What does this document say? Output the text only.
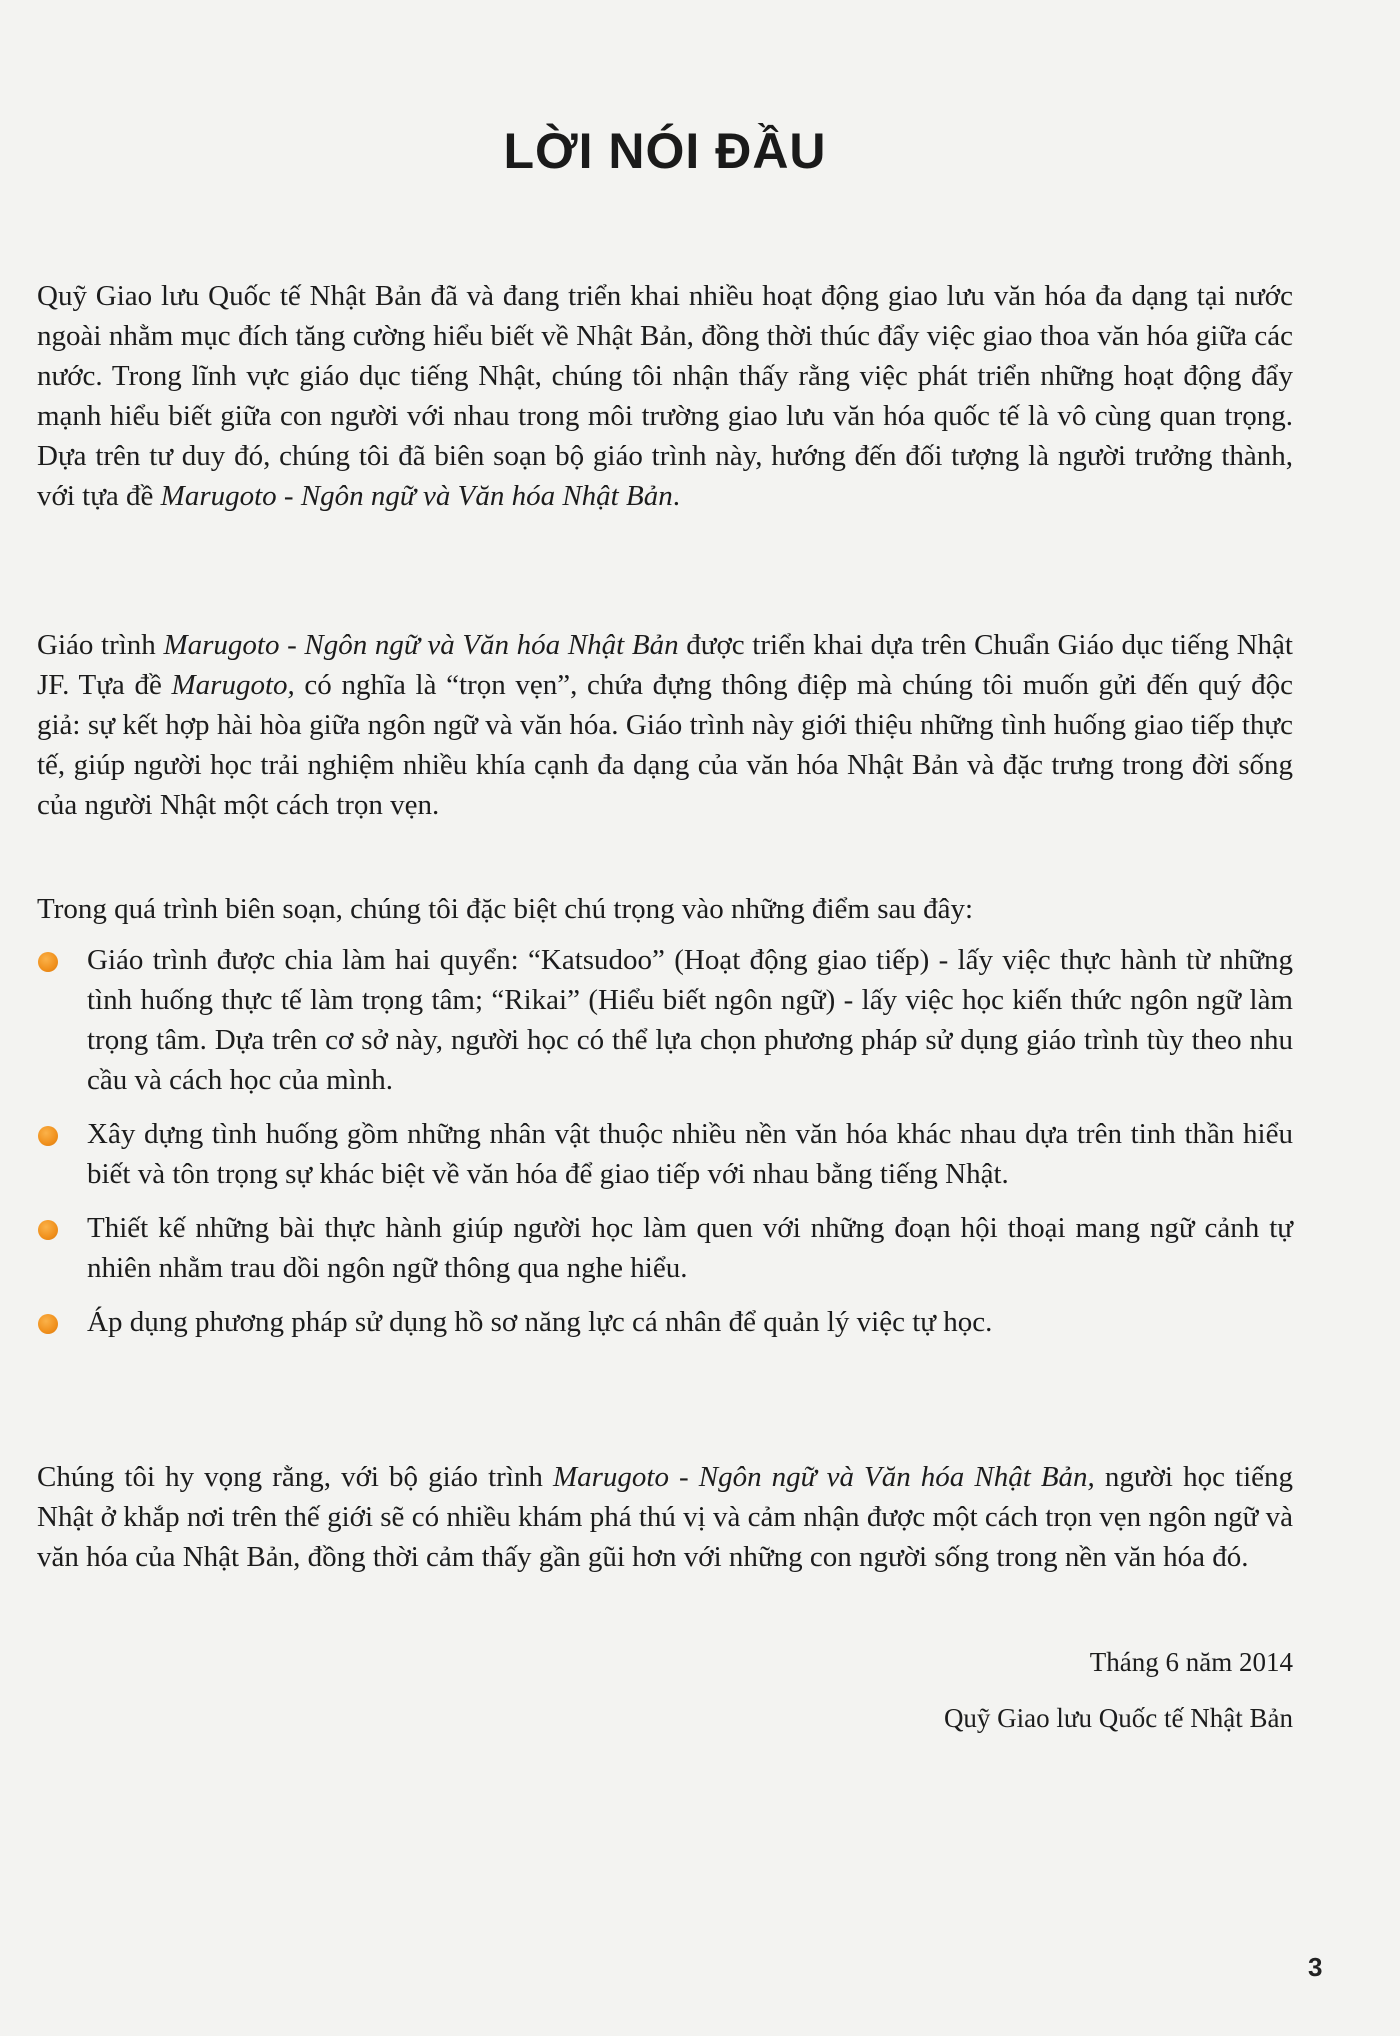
LỜI NÓI ĐẦU

Quỹ Giao lưu Quốc tế Nhật Bản đã và đang triển khai nhiều hoạt động giao lưu văn hóa đa dạng tại nước ngoài nhằm mục đích tăng cường hiểu biết về Nhật Bản, đồng thời thúc đẩy việc giao thoa văn hóa giữa các nước. Trong lĩnh vực giáo dục tiếng Nhật, chúng tôi nhận thấy rằng việc phát triển những hoạt động đẩy mạnh hiểu biết giữa con người với nhau trong môi trường giao lưu văn hóa quốc tế là vô cùng quan trọng. Dựa trên tư duy đó, chúng tôi đã biên soạn bộ giáo trình này, hướng đến đối tượng là người trưởng thành, với tựa đề Marugoto - Ngôn ngữ và Văn hóa Nhật Bản.

Giáo trình Marugoto - Ngôn ngữ và Văn hóa Nhật Bản được triển khai dựa trên Chuẩn Giáo dục tiếng Nhật JF. Tựa đề Marugoto, có nghĩa là “trọn vẹn”, chứa đựng thông điệp mà chúng tôi muốn gửi đến quý độc giả: sự kết hợp hài hòa giữa ngôn ngữ và văn hóa. Giáo trình này giới thiệu những tình huống giao tiếp thực tế, giúp người học trải nghiệm nhiều khía cạnh đa dạng của văn hóa Nhật Bản và đặc trưng trong đời sống của người Nhật một cách trọn vẹn.

Trong quá trình biên soạn, chúng tôi đặc biệt chú trọng vào những điểm sau đây:

Giáo trình được chia làm hai quyển: “Katsudoo” (Hoạt động giao tiếp) - lấy việc thực hành từ những tình huống thực tế làm trọng tâm; “Rikai” (Hiểu biết ngôn ngữ) - lấy việc học kiến thức ngôn ngữ làm trọng tâm. Dựa trên cơ sở này, người học có thể lựa chọn phương pháp sử dụng giáo trình tùy theo nhu cầu và cách học của mình.
Xây dựng tình huống gồm những nhân vật thuộc nhiều nền văn hóa khác nhau dựa trên tinh thần hiểu biết và tôn trọng sự khác biệt về văn hóa để giao tiếp với nhau bằng tiếng Nhật.
Thiết kế những bài thực hành giúp người học làm quen với những đoạn hội thoại mang ngữ cảnh tự nhiên nhằm trau dồi ngôn ngữ thông qua nghe hiểu.
Áp dụng phương pháp sử dụng hồ sơ năng lực cá nhân để quản lý việc tự học.

Chúng tôi hy vọng rằng, với bộ giáo trình Marugoto - Ngôn ngữ và Văn hóa Nhật Bản, người học tiếng Nhật ở khắp nơi trên thế giới sẽ có nhiều khám phá thú vị và cảm nhận được một cách trọn vẹn ngôn ngữ và văn hóa của Nhật Bản, đồng thời cảm thấy gần gũi hơn với những con người sống trong nền văn hóa đó.

Tháng 6 năm 2014
Quỹ Giao lưu Quốc tế Nhật Bản
3
